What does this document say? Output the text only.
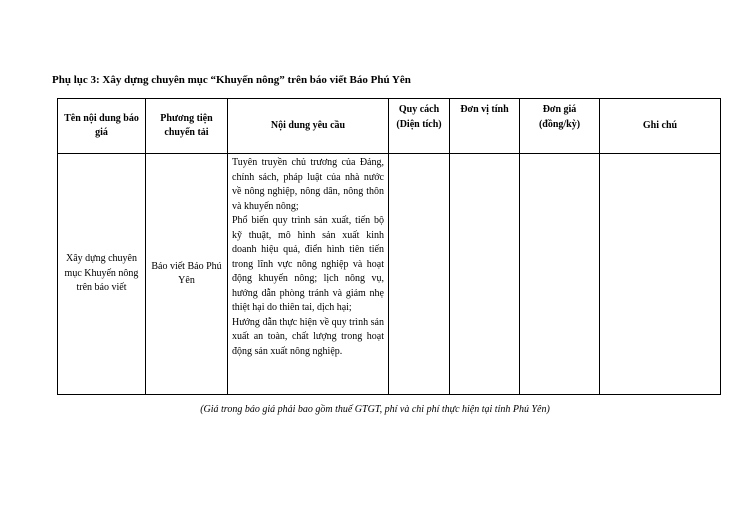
Phụ lục 3: Xây dựng chuyên mục “Khuyến nông” trên báo viết Báo Phú Yên
Tên nội dung báo giá	Phương tiện chuyển tải	Nội dung yêu cầu	Quy cách (Diện tích)	Đơn vị tính	Đơn giá (đồng/kỳ)	Ghi chú
Xây dựng chuyên mục Khuyến nông trên báo viết	Báo viết Báo Phú Yên	Tuyên truyền chủ trương của Đảng, chính sách, pháp luật của nhà nước về nông nghiệp, nông dân, nông thôn và khuyến nông;
Phổ biến quy trình sản xuất, tiến bộ kỹ thuật, mô hình sản xuất kinh doanh hiệu quả, điển hình tiên tiến trong lĩnh vực nông nghiệp và hoạt động khuyến nông; lịch nông vụ, hướng dẫn phòng tránh và giảm nhẹ thiệt hại do thiên tai, dịch hại;
Hướng dẫn thực hiện về quy trình sản xuất an toàn, chất lượng trong hoạt động sản xuất nông nghiệp.				

(Giá trong báo giá phải bao gồm thuế GTGT, phí và chi phí thực hiện tại tỉnh Phú Yên)
